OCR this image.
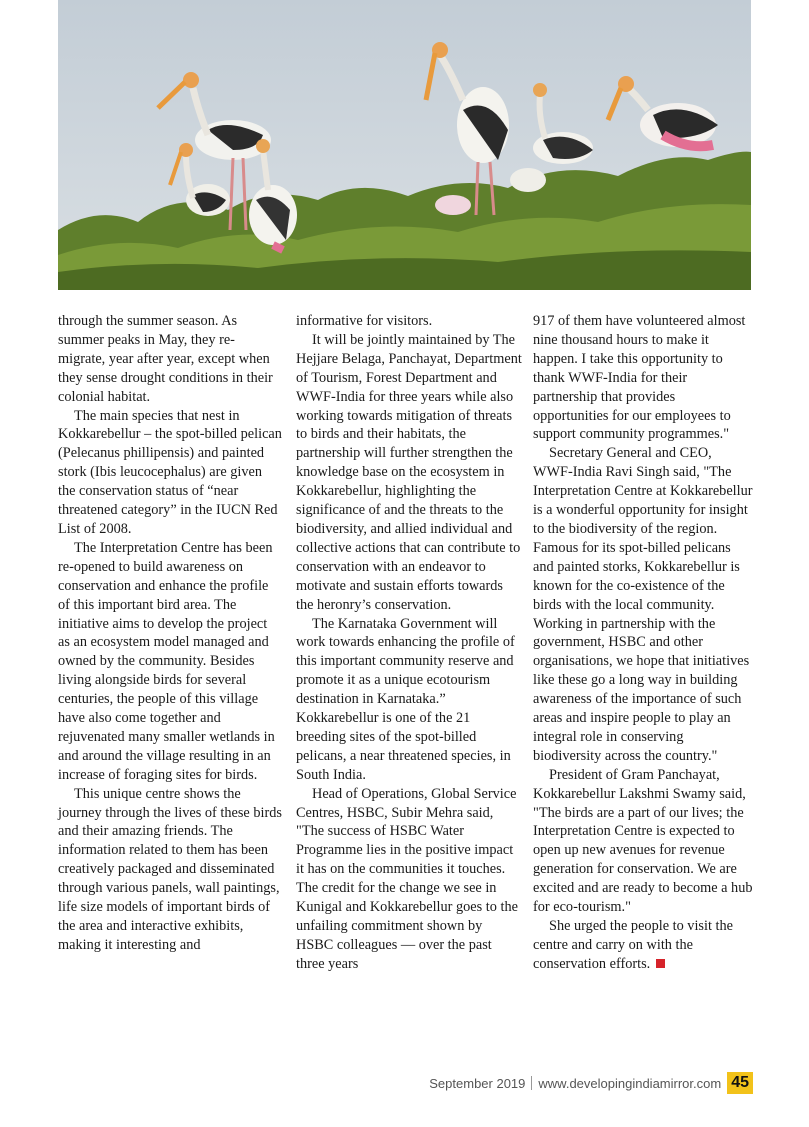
through the summer season. As summer peaks in May, they re-migrate, year after year, except when they sense drought conditions in their colonial habitat.

The main species that nest in Kokkarebellur – the spot-billed pelican (Pelecanus phillipensis) and painted stork (Ibis leucocephalus) are given the conservation status of “near threatened category” in the IUCN Red List of 2008.

The Interpretation Centre has been re-opened to build awareness on conservation and enhance the profile of this important bird area. The initiative aims to develop the project as an ecosystem model managed and owned by the community. Besides living alongside birds for several centuries, the people of this village have also come together and rejuvenated many smaller wetlands in and around the village resulting in an increase of foraging sites for birds.

This unique centre shows the journey through the lives of these birds and their amazing friends. The information related to them has been creatively packaged and disseminated through various panels, wall paintings, life size models of important birds of the area and interactive exhibits, making it interesting and

informative for visitors.

It will be jointly maintained by The Hejjare Belaga, Panchayat, Department of Tourism, Forest Department and WWF-India for three years while also working towards mitigation of threats to birds and their habitats, the partnership will further strengthen the knowledge base on the ecosystem in Kokkarebellur, highlighting the significance of and the threats to the biodiversity, and allied individual and collective actions that can contribute to conservation with an endeavor to motivate and sustain efforts towards the heronry’s conservation.

The Karnataka Government will work towards enhancing the profile of this important community reserve and promote it as a unique ecotourism destination in Karnataka.” Kokkarebellur is one of the 21 breeding sites of the spot-billed pelicans, a near threatened species, in South India.

Head of Operations, Global Service Centres, HSBC, Subir Mehra said, "The success of HSBC Water Programme lies in the positive impact it has on the communities it touches. The credit for the change we see in Kunigal and Kokkarebellur goes to the unfailing commitment shown by HSBC colleagues — over the past three years

917 of them have volunteered almost nine thousand hours to make it happen. I take this opportunity to thank WWF-India for their partnership that provides opportunities for our employees to support community programmes."

Secretary General and CEO, WWF-India Ravi Singh said, "The Interpretation Centre at Kokkarebellur is a wonderful opportunity for insight to the biodiversity of the region. Famous for its spot-billed pelicans and painted storks, Kokkarebellur is known for the co-existence of the birds with the local community. Working in partnership with the government, HSBC and other organisations, we hope that initiatives like these go a long way in building awareness of the importance of such areas and inspire people to play an integral role in conserving biodiversity across the country."

President of Gram Panchayat, Kokkarebellur Lakshmi Swamy said, "The birds are a part of our lives; the Interpretation Centre is expected to open up new avenues for revenue generation for conservation. We are excited and are ready to become a hub for eco-tourism."

She urged the people to visit the centre and carry on with the conservation efforts.

September 2019 www.developingindiamirror.com 45
